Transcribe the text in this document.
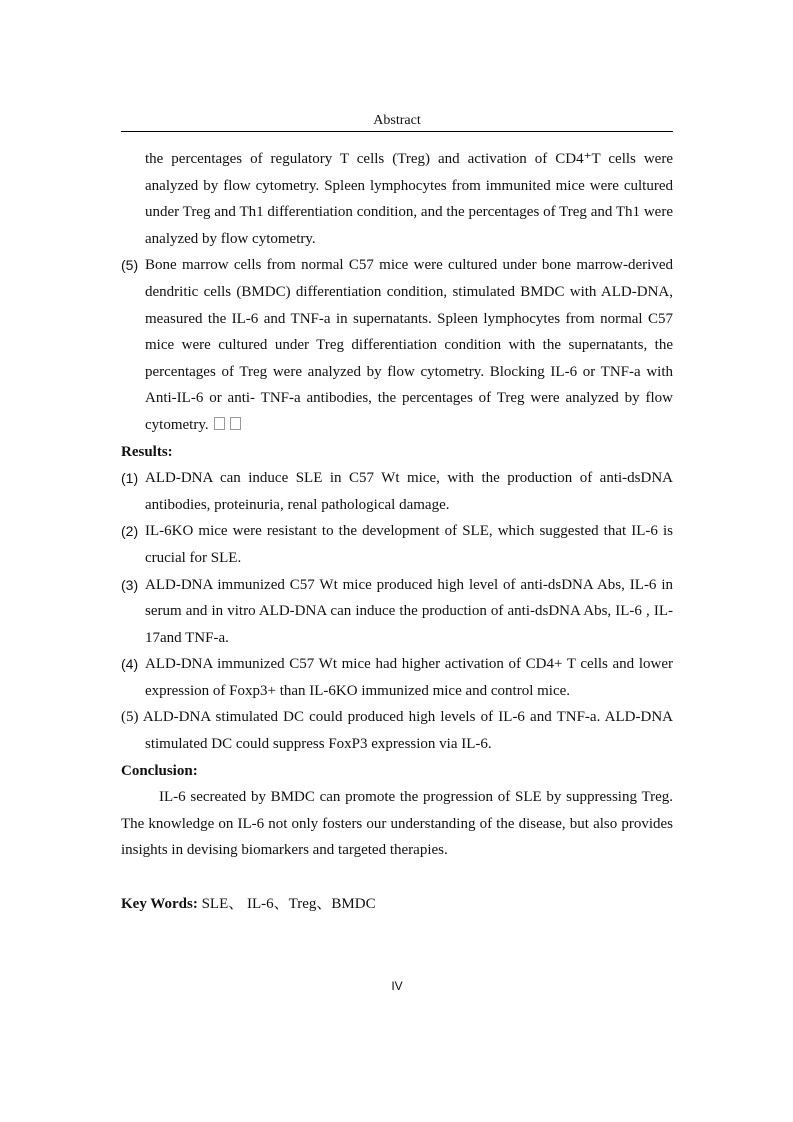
Abstract

the percentages of regulatory T cells (Treg) and activation of CD4⁺T cells were analyzed by flow cytometry. Spleen lymphocytes from immunited mice were cultured under Treg and Th1 differentiation condition, and the percentages of Treg and Th1 were analyzed by flow cytometry.

(5) Bone marrow cells from normal C57 mice were cultured under bone marrow-derived dendritic cells (BMDC) differentiation condition, stimulated BMDC with ALD-DNA, measured the IL-6 and TNF-a in supernatants. Spleen lymphocytes from normal C57 mice were cultured under Treg differentiation condition with the supernatants, the percentages of Treg were analyzed by flow cytometry. Blocking IL-6 or TNF-a with Anti-IL-6 or anti- TNF-a antibodies, the percentages of Treg were analyzed by flow cytometry.

Results:

(1) ALD-DNA can induce SLE in C57 Wt mice, with the production of anti-dsDNA antibodies, proteinuria, renal pathological damage.

(2) IL-6KO mice were resistant to the development of SLE, which suggested that IL-6 is crucial for SLE.

(3) ALD-DNA immunized C57 Wt mice produced high level of anti-dsDNA Abs, IL-6 in serum and in vitro ALD-DNA can induce the production of anti-dsDNA Abs, IL-6 , IL-17and TNF-a.

(4) ALD-DNA immunized C57 Wt mice had higher activation of CD4+ T cells and lower expression of Foxp3+ than IL-6KO immunized mice and control mice.

(5) ALD-DNA stimulated DC could produced high levels of IL-6 and TNF-a. ALD-DNA stimulated DC could suppress FoxP3 expression via IL-6.

Conclusion:

IL-6 secreated by BMDC can promote the progression of SLE by suppressing Treg. The knowledge on IL-6 not only fosters our understanding of the disease, but also provides insights in devising biomarkers and targeted therapies.

Key Words: SLE、 IL-6、Treg、BMDC

IV
